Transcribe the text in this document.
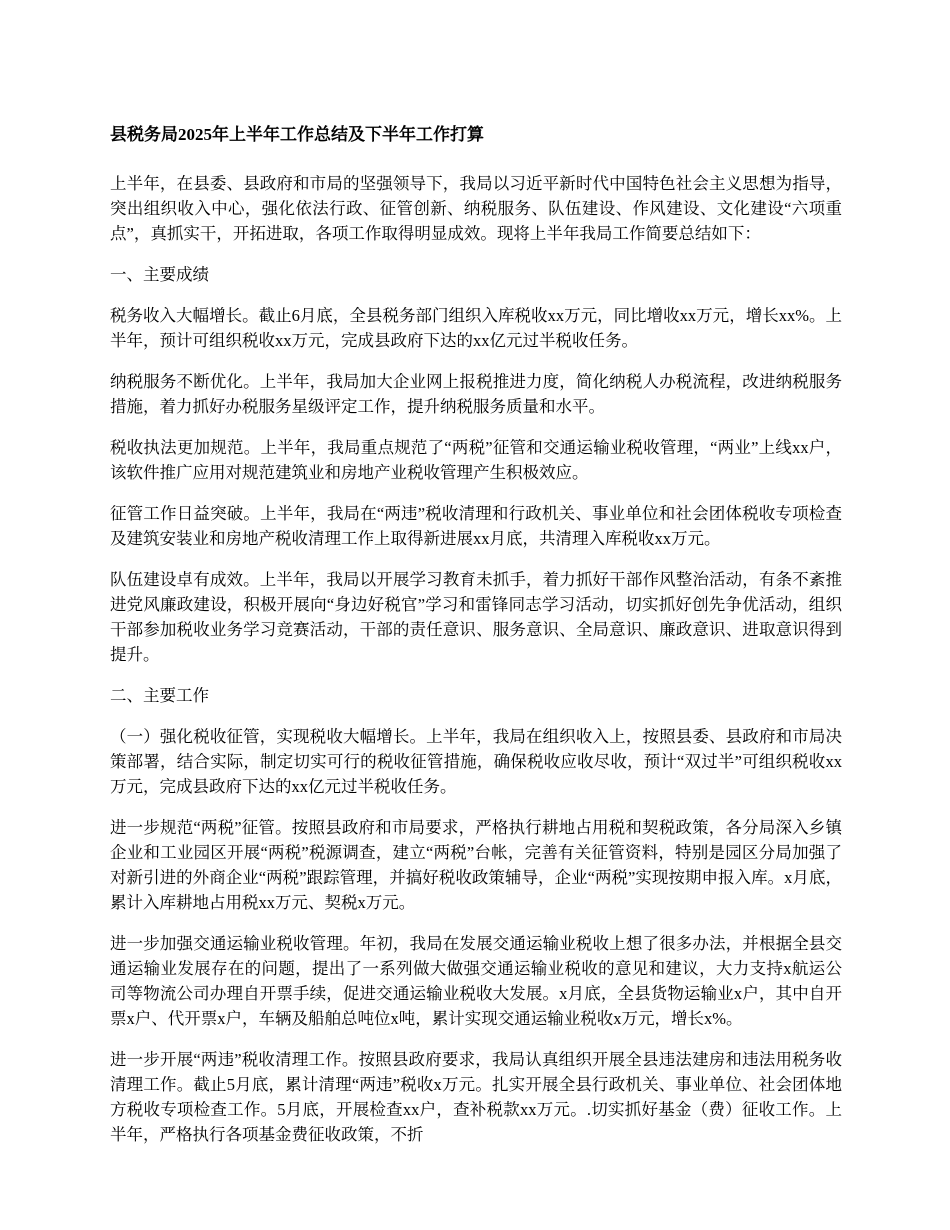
县税务局2025年上半年工作总结及下半年工作打算

上半年，在县委、县政府和市局的坚强领导下，我局以习近平新时代中国特色社会主义思想为指导，突出组织收入中心，强化依法行政、征管创新、纳税服务、队伍建设、作风建设、文化建设“六项重点”，真抓实干，开拓进取，各项工作取得明显成效。现将上半年我局工作简要总结如下：

一、主要成绩

税务收入大幅增长。截止6月底，全县税务部门组织入库税收xx万元，同比增收xx万元，增长xx%。上半年，预计可组织税收xx万元，完成县政府下达的xx亿元过半税收任务。

纳税服务不断优化。上半年，我局加大企业网上报税推进力度，简化纳税人办税流程，改进纳税服务措施，着力抓好办税服务星级评定工作，提升纳税服务质量和水平。

税收执法更加规范。上半年，我局重点规范了“两税”征管和交通运输业税收管理，“两业”上线xx户，该软件推广应用对规范建筑业和房地产业税收管理产生积极效应。

征管工作日益突破。上半年，我局在“两违”税收清理和行政机关、事业单位和社会团体税收专项检查及建筑安装业和房地产税收清理工作上取得新进展xx月底，共清理入库税收xx万元。

队伍建设卓有成效。上半年，我局以开展学习教育未抓手，着力抓好干部作风整治活动，有条不紊推进党风廉政建设，积极开展向“身边好税官”学习和雷锋同志学习活动，切实抓好创先争优活动，组织干部参加税收业务学习竞赛活动，干部的责任意识、服务意识、全局意识、廉政意识、进取意识得到提升。

二、主要工作

（一）强化税收征管，实现税收大幅增长。上半年，我局在组织收入上，按照县委、县政府和市局决策部署，结合实际，制定切实可行的税收征管措施，确保税收应收尽收，预计“双过半”可组织税收xx万元，完成县政府下达的xx亿元过半税收任务。

进一步规范“两税”征管。按照县政府和市局要求，严格执行耕地占用税和契税政策，各分局深入乡镇企业和工业园区开展“两税”税源调查，建立“两税”台帐，完善有关征管资料，特别是园区分局加强了对新引进的外商企业“两税”跟踪管理，并搞好税收政策辅导，企业“两税”实现按期申报入库。x月底，累计入库耕地占用税xx万元、契税x万元。

进一步加强交通运输业税收管理。年初，我局在发展交通运输业税收上想了很多办法，并根据全县交通运输业发展存在的问题，提出了一系列做大做强交通运输业税收的意见和建议，大力支持x航运公司等物流公司办理自开票手续，促进交通运输业税收大发展。x月底，全县货物运输业x户，其中自开票x户、代开票x户，车辆及船舶总吨位x吨，累计实现交通运输业税收x万元，增长x%。

进一步开展“两违”税收清理工作。按照县政府要求，我局认真组织开展全县违法建房和违法用税务收清理工作。截止5月底，累计清理“两违”税收x万元。扎实开展全县行政机关、事业单位、社会团体地方税收专项检查工作。5月底，开展检查xx户，查补税款xx万元。.切实抓好基金（费）征收工作。上半年，严格执行各项基金费征收政策，不折
